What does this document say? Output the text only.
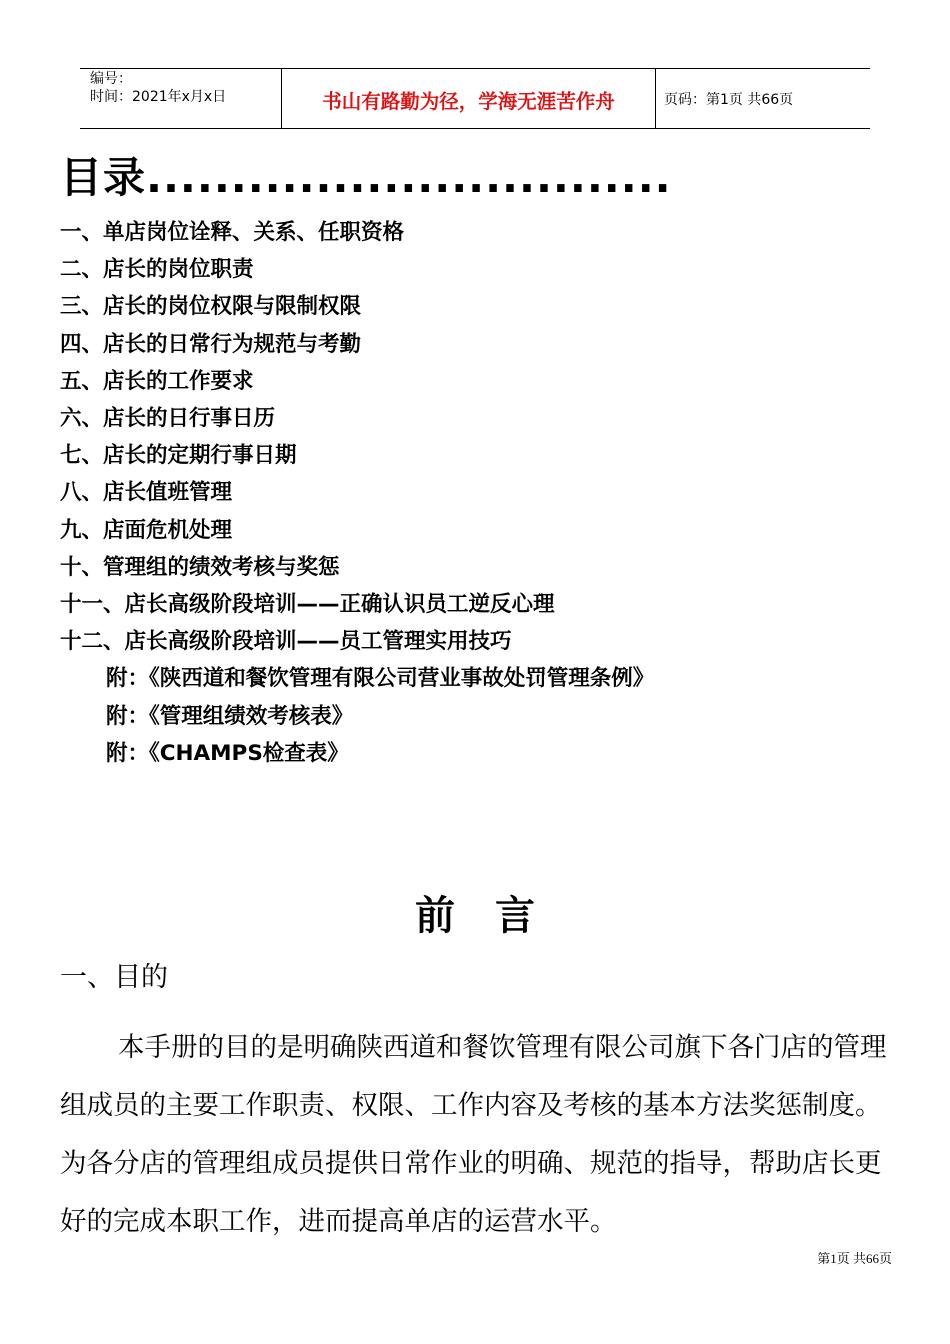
编号：
时间：2021年x月x日	书山有路勤为径，学海无涯苦作舟	页码：第1页 共66页
目录...............................
一、单店岗位诠释、关系、任职资格
二、店长的岗位职责
三、店长的岗位权限与限制权限
四、店长的日常行为规范与考勤
五、店长的工作要求
六、店长的日行事日历
七、店长的定期行事日期
八、店长值班管理
九、店面危机处理
十、管理组的绩效考核与奖惩
十一、店长高级阶段培训——正确认识员工逆反心理
十二、店长高级阶段培训——员工管理实用技巧
附：《陕西道和餐饮管理有限公司营业事故处罚管理条例》
附：《管理组绩效考核表》
附：《CHAMPS检查表》
前　言
一、目的

本手册的目的是明确陕西道和餐饮管理有限公司旗下各门店的管理组成员的主要工作职责、权限、工作内容及考核的基本方法奖惩制度。为各分店的管理组成员提供日常作业的明确、规范的指导，帮助店长更好的完成本职工作，进而提高单店的运营水平。

第1页 共66页
